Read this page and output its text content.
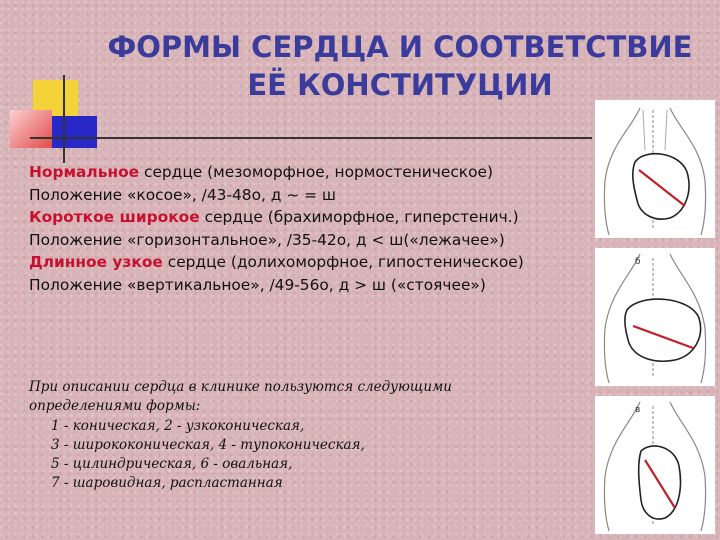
ФОРМЫ СЕРДЦА И СООТВЕТСТВИЕ
ЕЁ КОНСТИТУЦИИ
Нормальное сердце (мезоморфное, нормостеническое)
Положение «косое», /43-48о, д ~ = ш
Короткое широкое сердце (брахиморфное, гиперстенич.)
Положение «горизонтальное», /35-42о, д < ш(«лежачее»)
Длинное узкое сердце (долихоморфное, гипостеническое)
Положение «вертикальное», /49-56о, д > ш («стоячее»)
При описании сердца в клинике пользуются следующими
определениями формы:
1 - коническая, 2 - узкоконическая,
3 - ширококоническая, 4 - тупоконическая,
5 - цилиндрическая, 6 - овальная,
7 - шаровидная, распластанная
б
в
